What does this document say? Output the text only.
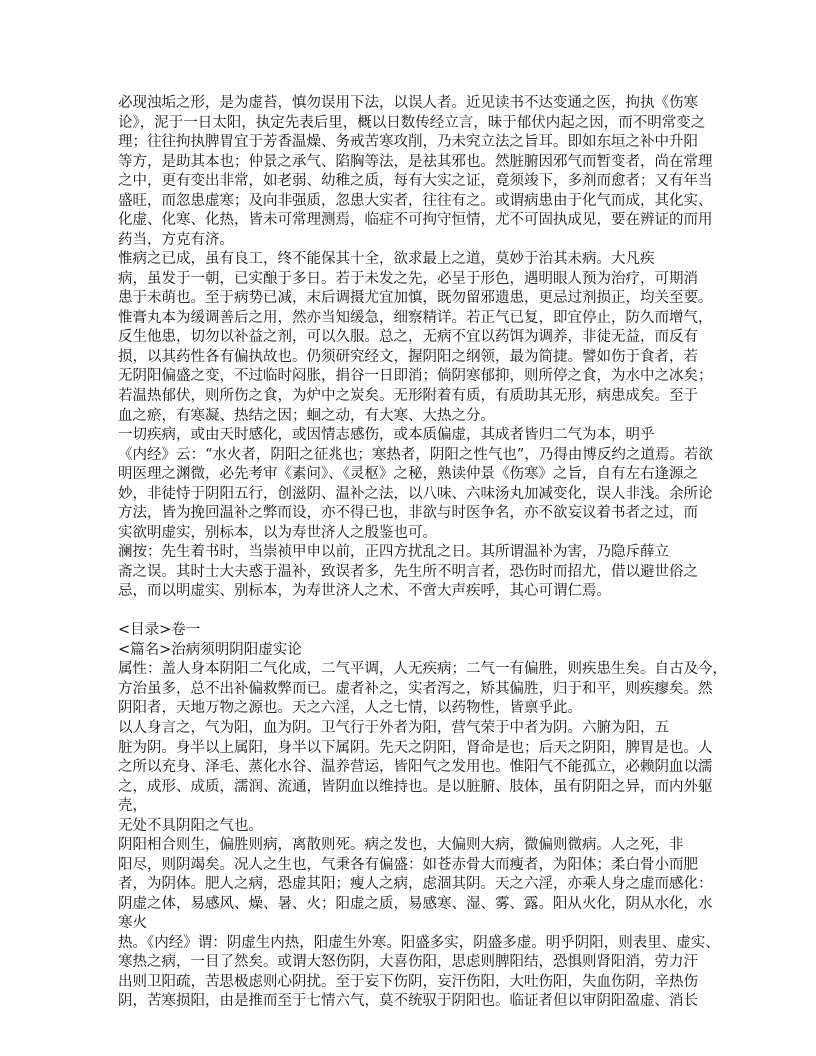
必现浊垢之形，是为虚苔，慎勿误用下法，以误人者。近见读书不达变通之医，拘执《伤寒
论》，泥于一日太阳，执定先表后里，概以日数传经立言，昧于郁伏内起之因，而不明常变之
理；往往拘执脾胃宜于芳香温燥、务戒苦寒攻削，乃未究立法之旨耳。即如东垣之补中升阳
等方，是助其本也；仲景之承气、陷胸等法，是祛其邪也。然脏腑因邪气而暂变者，尚在常理
之中，更有变出非常，如老弱、幼稚之质，每有大实之证，竟须竣下，多剂而愈者；又有年当
盛旺，而忽患虚寒；及向非强质，忽患大实者，往往有之。或谓病患由于化气而成，其化实、
化虚、化寒、化热，皆未可常理测焉，临症不可拘守恒情，尤不可固执成见，要在辨证的而用
药当，方克有济。
惟病之已成，虽有良工，终不能保其十全，欲求最上之道，莫妙于治其未病。大凡疾
病，虽发于一朝，已实酿于多日。若于未发之先，必呈于形色，遇明眼人预为治疗，可期消
患于未萌也。至于病势已减，末后调摄尤宜加慎，既勿留邪遗患，更忌过剂损正，均关至要。
惟膏丸本为缓调善后之用，然亦当知缓急，细察精详。若正气已复，即宜停止，防久而增气，
反生他患，切勿以补益之剂，可以久服。总之，无病不宜以药饵为调养，非徒无益，而反有
损，以其药性各有偏执故也。仍须研究经文，握阴阳之纲领，最为简捷。譬如伤于食者，若
无阴阳偏盛之变，不过临时闷胀，捐谷一日即消；倘阴寒郁抑，则所停之食，为水中之冰矣；
若温热郁伏，则所伤之食，为炉中之炭矣。无形附着有质，有质助其无形，病患成矣。至于
血之瘀，有寒凝、热结之因；蛔之动，有大寒、大热之分。
一切疾病，或由天时感化，或因情志感伤，或本质偏虚，其成者皆归二气为本，明乎
《内经》云：“水火者，阴阳之征兆也；寒热者，阴阳之性气也”，乃得由博反约之道焉。若欲
明医理之渊微，必先考审《素问》、《灵枢》之秘，熟读仲景《伤寒》之旨，自有左右逢源之
妙，非徒恃于阴阳五行，创滋阴、温补之法，以八味、六味汤丸加减变化，误人非浅。余所论
方法，皆为挽回温补之弊而设，亦不得已也，非欲与时医争名，亦不欲妄议着书者之过，而
实欲明虚实，别标本，以为寿世济人之殷鉴也可。
澜按：先生着书时，当崇祯甲申以前，正四方扰乱之日。其所谓温补为害，乃隐斥薛立
斋之误。其时士大夫惑于温补，致误者多，先生所不明言者，恐伤时而招尤，借以避世俗之
忌，而以明虚实、别标本，为寿世济人之术、不啻大声疾呼，其心可谓仁焉。
<目录>卷一
<篇名>治病须明阴阳虚实论
属性：盖人身本阴阳二气化成，二气平调，人无疾病；二气一有偏胜，则疾患生矣。自古及今，
方治虽多，总不出补偏救弊而已。虚者补之，实者泻之，矫其偏胜，归于和平，则疾瘳矣。然
阴阳者，天地万物之源也。天之六淫，人之七情，以药物性，皆禀乎此。
以人身言之，气为阳，血为阴。卫气行于外者为阳，营气荣于中者为阴。六腑为阳，五
脏为阴。身半以上属阳，身半以下属阴。先天之阴阳，肾命是也；后天之阴阳，脾胃是也。人
之所以充身、泽毛、蒸化水谷、温养营运，皆阳气之发用也。惟阳气不能孤立，必赖阴血以濡
之，成形、成质，濡润、流通，皆阴血以维持也。是以脏腑、肢体，虽有阴阳之异，而内外躯
壳，
无处不具阴阳之气也。
阴阳相合则生，偏胜则病，离散则死。病之发也，大偏则大病，微偏则微病。人之死，非
阳尽，则阴竭矣。况人之生也，气秉各有偏盛：如苍赤骨大而瘦者，为阳体；柔白骨小而肥
者，为阴体。肥人之病，恐虚其阳；瘦人之病，虑涸其阴。天之六淫，亦乘人身之虚而感化：
阴虚之体，易感风、燥、暑、火；阳虚之质，易感寒、湿、雾、露。阳从火化，阴从水化，水
寒火
热。《内经》谓：阴虚生内热，阳虚生外寒。阳盛多实，阴盛多虚。明乎阴阳，则表里、虚实、
寒热之病，一目了然矣。或谓大怒伤阴，大喜伤阳，思虑则脾阳结，恐惧则肾阳消，劳力汗
出则卫阳疏，苦思极虑则心阴扰。至于妄下伤阴，妄汗伤阳，大吐伤阳，失血伤阴，辛热伤
阴，苦寒损阳，由是推而至于七情六气，莫不统驭于阴阳也。临证者但以审阴阳盈虚、消长
